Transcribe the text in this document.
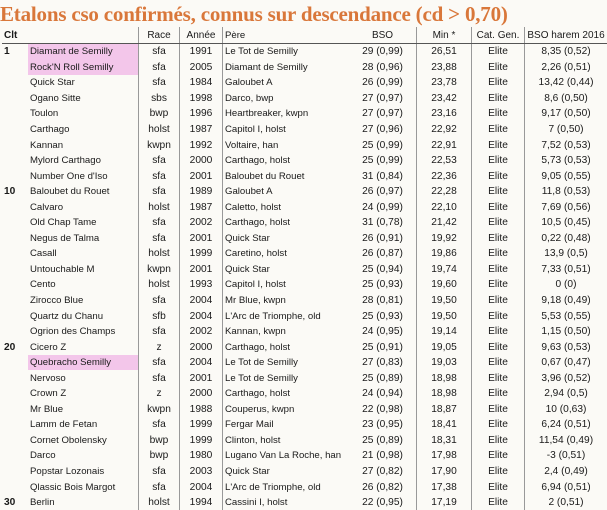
Etalons cso confirmés, connus sur descendance (cd > 0,70)
Clt		Race	Année	Père	BSO	Min *	Cat. Gen.	BSO harem 2016
1	Diamant de Semilly	sfa	1991	Le Tot de Semilly	29 (0,99)	26,51	Elite	8,35 (0,52)
	Rock'N Roll Semilly	sfa	2005	Diamant de Semilly	28 (0,96)	23,88	Elite	2,26 (0,51)
	Quick Star	sfa	1984	Galoubet A	26 (0,99)	23,78	Elite	13,42 (0,44)
	Ogano Sitte	sbs	1998	Darco, bwp	27 (0,97)	23,42	Elite	8,6 (0,50)
	Toulon	bwp	1996	Heartbreaker, kwpn	27 (0,97)	23,16	Elite	9,17 (0,50)
	Carthago	holst	1987	Capitol I, holst	27 (0,96)	22,92	Elite	7 (0,50)
	Kannan	kwpn	1992	Voltaire, han	25 (0,99)	22,91	Elite	7,52 (0,53)
	Mylord Carthago	sfa	2000	Carthago, holst	25 (0,99)	22,53	Elite	5,73 (0,53)
	Number One d'Iso	sfa	2001	Baloubet du Rouet	31 (0,84)	22,36	Elite	9,05 (0,55)
10	Baloubet du Rouet	sfa	1989	Galoubet A	26 (0,97)	22,28	Elite	11,8 (0,53)
	Calvaro	holst	1987	Caletto, holst	24 (0,99)	22,10	Elite	7,69 (0,56)
	Old Chap Tame	sfa	2002	Carthago, holst	31 (0,78)	21,42	Elite	10,5 (0,45)
	Negus de Talma	sfa	2001	Quick Star	26 (0,91)	19,92	Elite	0,22 (0,48)
	Casall	holst	1999	Caretino, holst	26 (0,87)	19,86	Elite	13,9 (0,5)
	Untouchable M	kwpn	2001	Quick Star	25 (0,94)	19,74	Elite	7,33 (0,51)
	Cento	holst	1993	Capitol I, holst	25 (0,93)	19,60	Elite	0 (0)
	Zirocco Blue	sfa	2004	Mr Blue, kwpn	28 (0,81)	19,50	Elite	9,18 (0,49)
	Quartz du Chanu	sfb	2004	L'Arc de Triomphe, old	25 (0,93)	19,50	Elite	5,53 (0,55)
	Ogrion des Champs	sfa	2002	Kannan, kwpn	24 (0,95)	19,14	Elite	1,15 (0,50)
20	Cicero Z	z	2000	Carthago, holst	25 (0,91)	19,05	Elite	9,63 (0,53)
	Quebracho Semilly	sfa	2004	Le Tot de Semilly	27 (0,83)	19,03	Elite	0,67 (0,47)
	Nervoso	sfa	2001	Le Tot de Semilly	25 (0,89)	18,98	Elite	3,96 (0,52)
	Crown Z	z	2000	Carthago, holst	24 (0,94)	18,98	Elite	2,94 (0,5)
	Mr Blue	kwpn	1988	Couperus, kwpn	22 (0,98)	18,87	Elite	10 (0,63)
	Lamm de Fetan	sfa	1999	Fergar Mail	23 (0,95)	18,41	Elite	6,24 (0,51)
	Cornet Obolensky	bwp	1999	Clinton, holst	25 (0,89)	18,31	Elite	11,54 (0,49)
	Darco	bwp	1980	Lugano Van La Roche, han	21 (0,98)	17,98	Elite	-3 (0,51)
	Popstar Lozonais	sfa	2003	Quick Star	27 (0,82)	17,90	Elite	2,4 (0,49)
	Qlassic Bois Margot	sfa	2004	L'Arc de Triomphe, old	26 (0,82)	17,38	Elite	6,94 (0,51)
30	Berlin	holst	1994	Cassini I, holst	22 (0,95)	17,19	Elite	2 (0,51)
